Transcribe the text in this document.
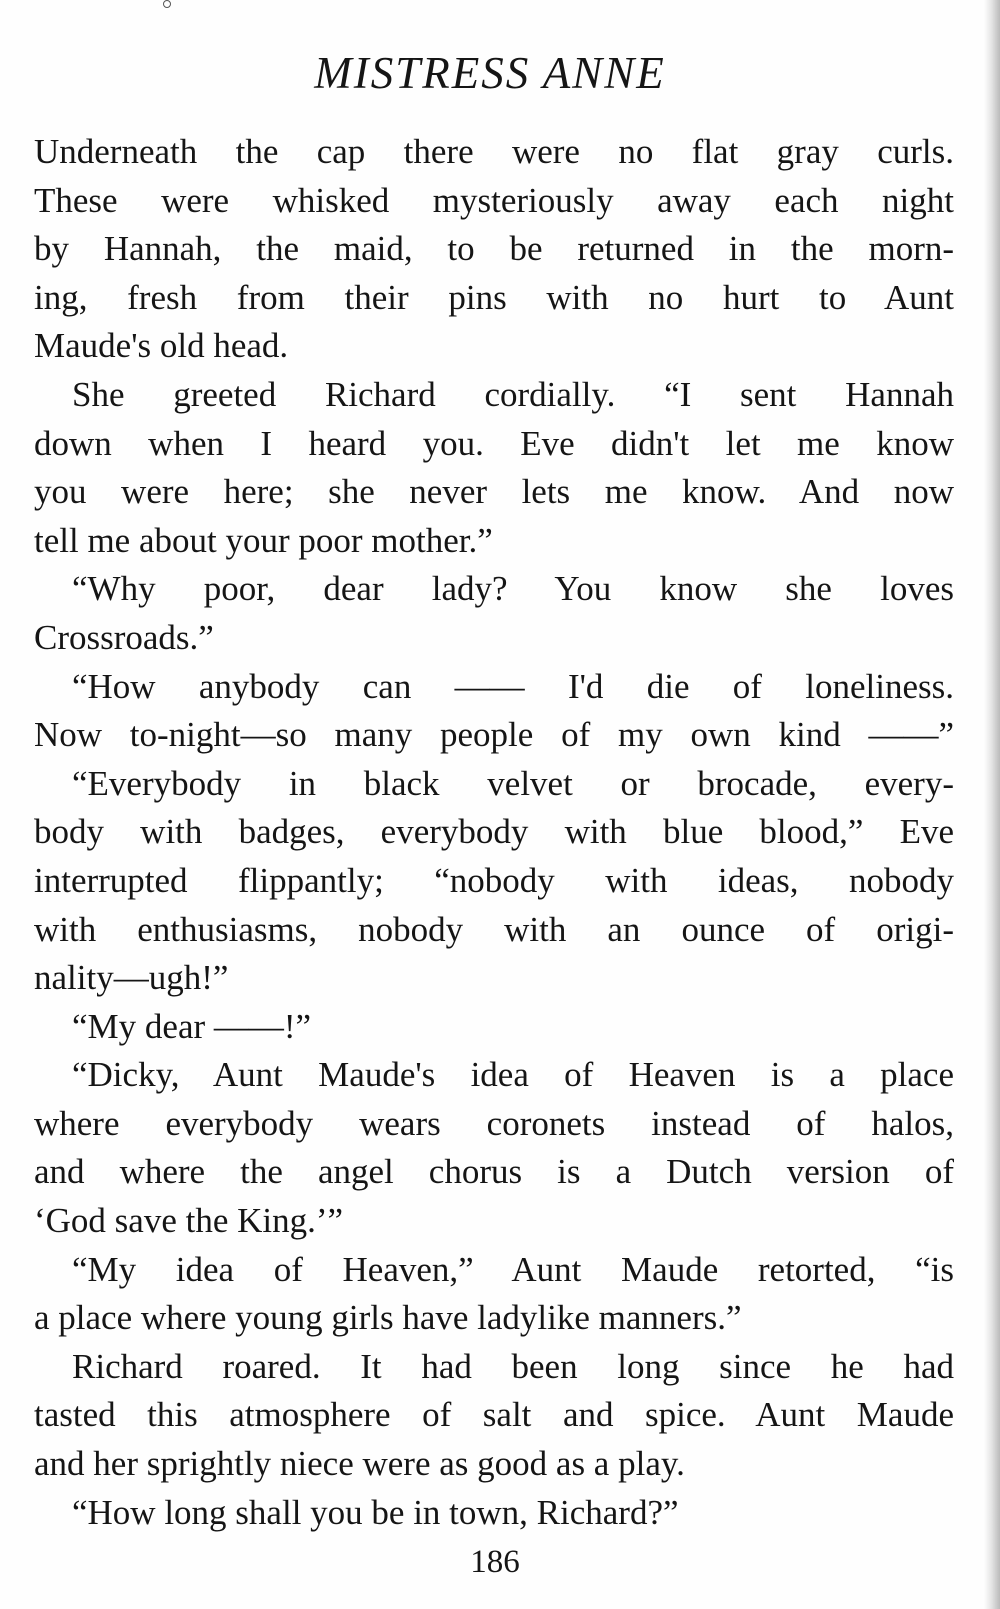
MISTRESS ANNE
Underneath the cap there were no flat gray curls.
These were whisked mysteriously away each night
by Hannah, the maid, to be returned in the morn-
ing, fresh from their pins with no hurt to Aunt
Maude's old head.
She greeted Richard cordially. “I sent Hannah
down when I heard you. Eve didn't let me know
you were here; she never lets me know. And now
tell me about your poor mother.”
“Why poor, dear lady? You know she loves
Crossroads.”
“How anybody can —— I'd die of loneliness.
Now to-night—so many people of my own kind ——”
“Everybody in black velvet or brocade, every-
body with badges, everybody with blue blood,” Eve
interrupted flippantly; “nobody with ideas, nobody
with enthusiasms, nobody with an ounce of origi-
nality—ugh!”
“My dear ——!”
“Dicky, Aunt Maude's idea of Heaven is a place
where everybody wears coronets instead of halos,
and where the angel chorus is a Dutch version of
‘God save the King.’”
“My idea of Heaven,” Aunt Maude retorted, “is
a place where young girls have ladylike manners.”
Richard roared. It had been long since he had
tasted this atmosphere of salt and spice. Aunt Maude
and her sprightly niece were as good as a play.
“How long shall you be in town, Richard?”
186
